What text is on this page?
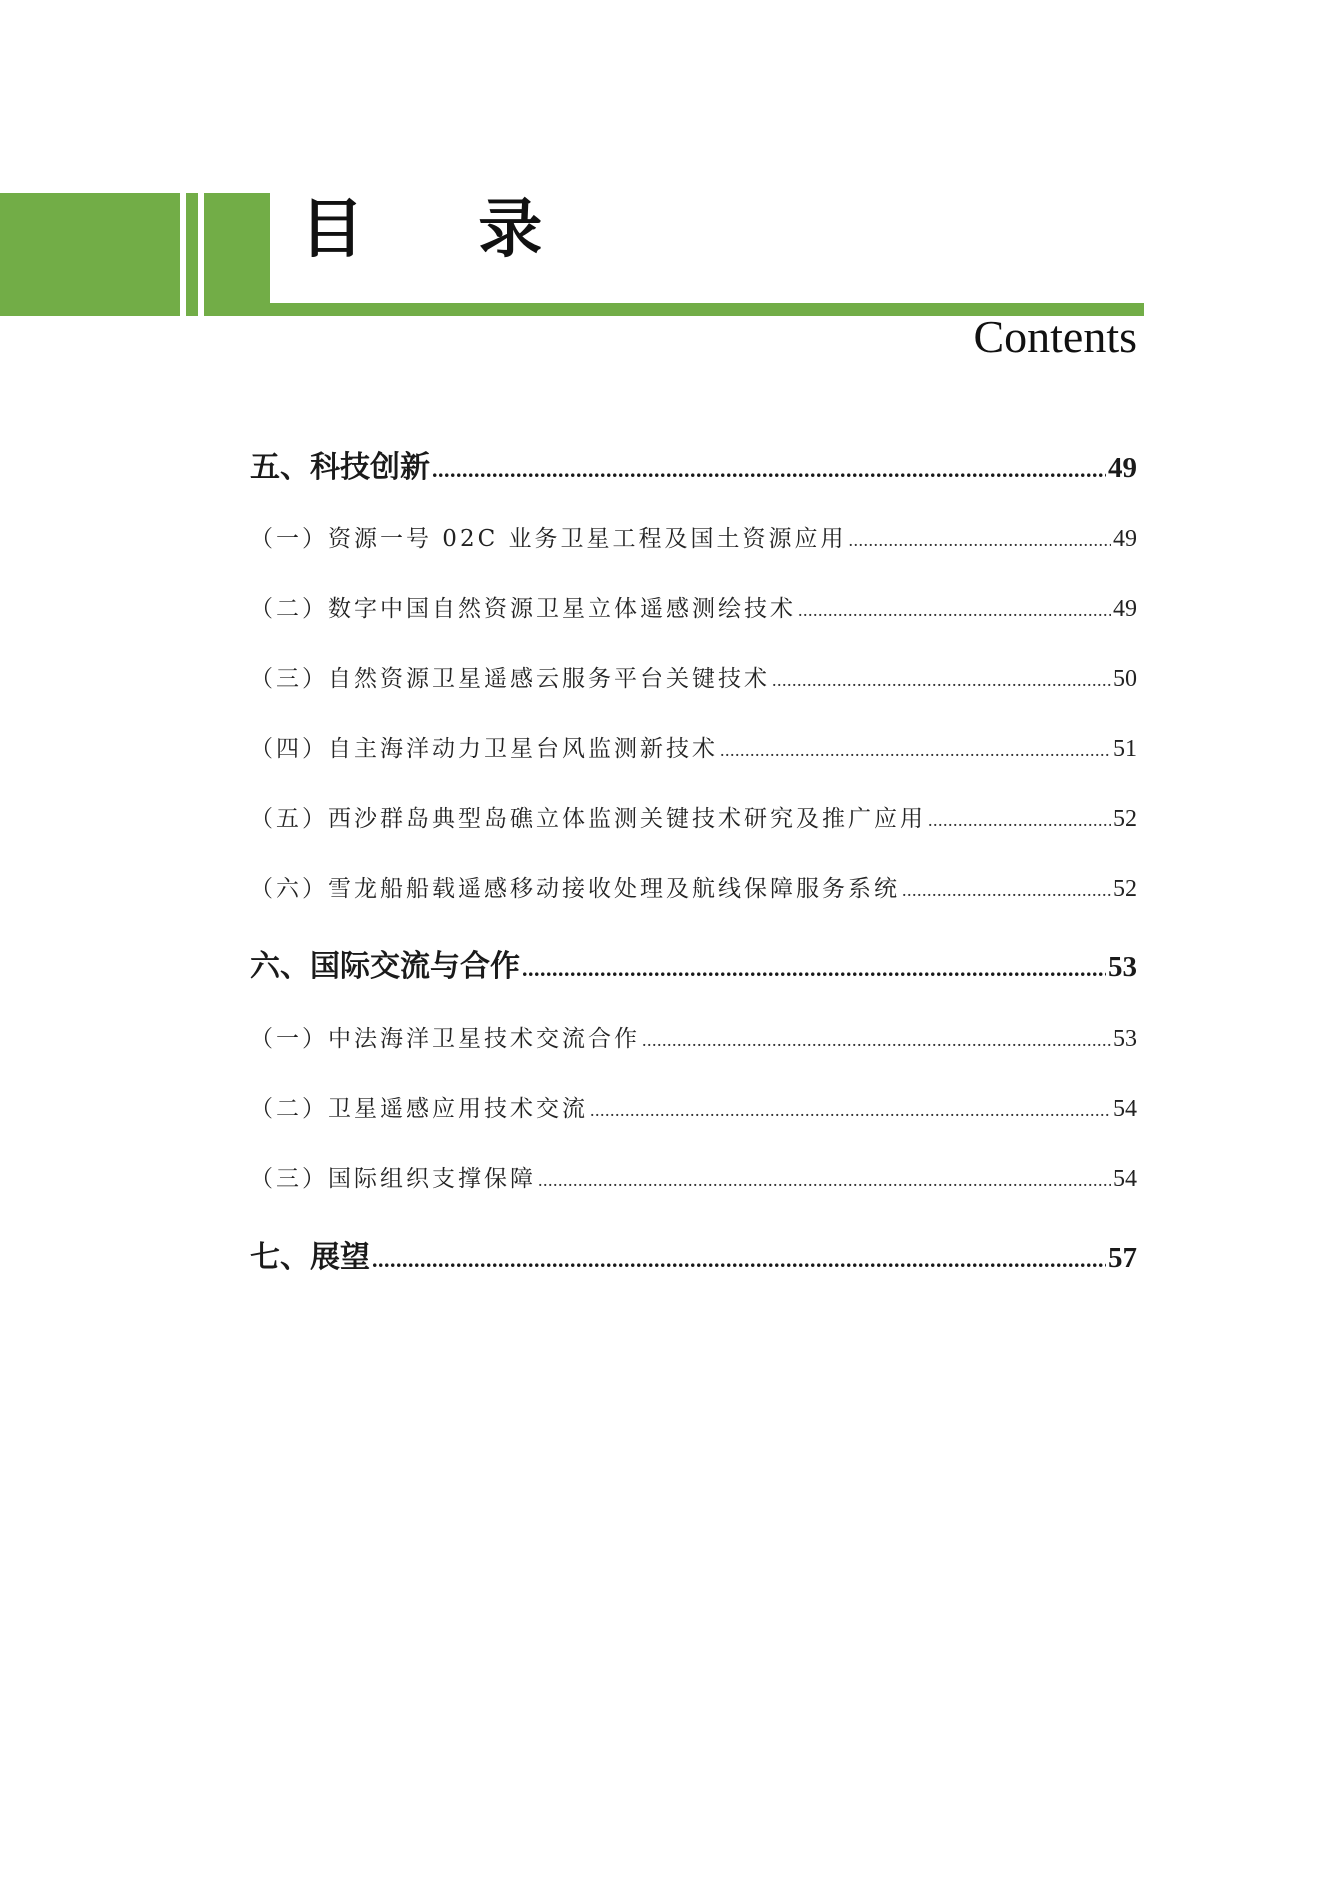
目 录
Contents
五、科技创新 .....	49
（一）资源一号 02C 业务卫星工程及国土资源应用 .....	49
（二）数字中国自然资源卫星立体遥感测绘技术 .....	49
（三）自然资源卫星遥感云服务平台关键技术 .....	50
（四）自主海洋动力卫星台风监测新技术 .....	51
（五）西沙群岛典型岛礁立体监测关键技术研究及推广应用 .....	52
（六）雪龙船船载遥感移动接收处理及航线保障服务系统 .....	52
六、国际交流与合作 .....	53
（一）中法海洋卫星技术交流合作 .....	53
（二）卫星遥感应用技术交流 .....	54
（三）国际组织支撑保障 .....	54
七、展望 .....	57
